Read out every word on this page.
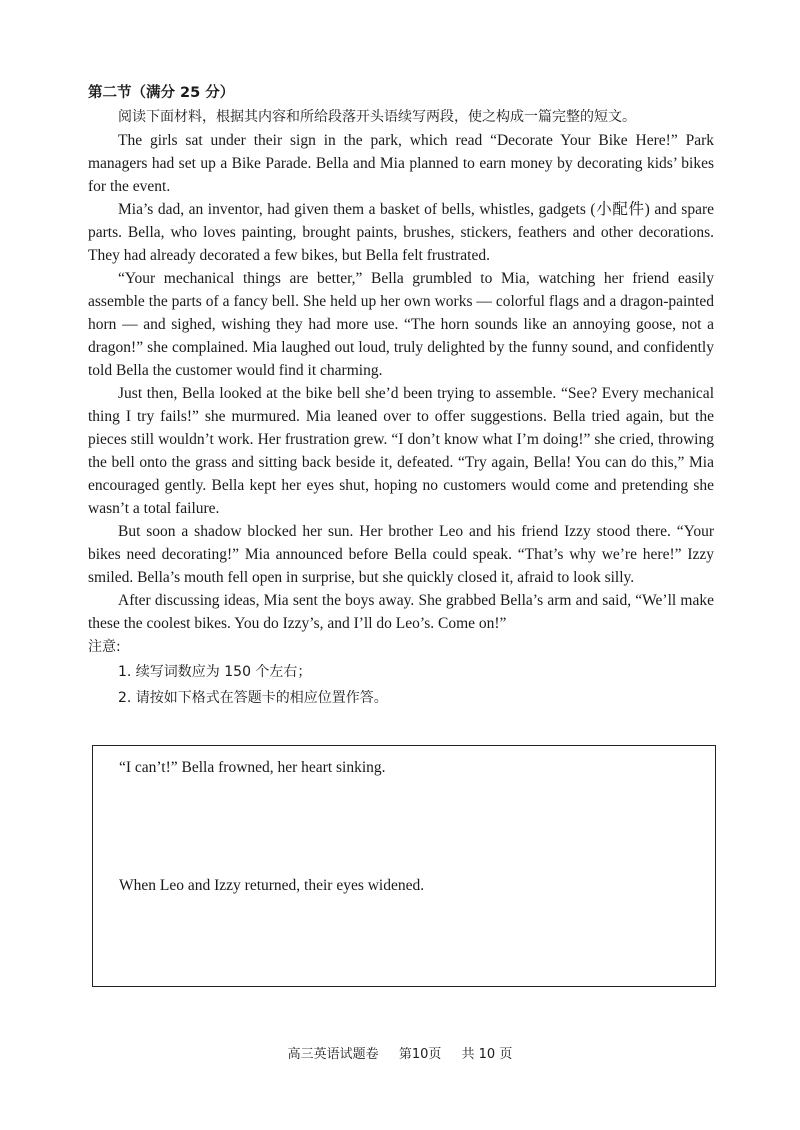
第二节（满分 25 分）

阅读下面材料，根据其内容和所给段落开头语续写两段，使之构成一篇完整的短文。

The girls sat under their sign in the park, which read “Decorate Your Bike Here!” Park managers had set up a Bike Parade. Bella and Mia planned to earn money by decorating kids’ bikes for the event.

Mia’s dad, an inventor, had given them a basket of bells, whistles, gadgets (小配件) and spare parts. Bella, who loves painting, brought paints, brushes, stickers, feathers and other decorations. They had already decorated a few bikes, but Bella felt frustrated.

“Your mechanical things are better,” Bella grumbled to Mia, watching her friend easily assemble the parts of a fancy bell. She held up her own works — colorful flags and a dragon-painted horn — and sighed, wishing they had more use. “The horn sounds like an annoying goose, not a dragon!” she complained. Mia laughed out loud, truly delighted by the funny sound, and confidently told Bella the customer would find it charming.

Just then, Bella looked at the bike bell she’d been trying to assemble. “See? Every mechanical thing I try fails!” she murmured. Mia leaned over to offer suggestions. Bella tried again, but the pieces still wouldn’t work. Her frustration grew. “I don’t know what I’m doing!” she cried, throwing the bell onto the grass and sitting back beside it, defeated. “Try again, Bella! You can do this,” Mia encouraged gently. Bella kept her eyes shut, hoping no customers would come and pretending she wasn’t a total failure.

But soon a shadow blocked her sun. Her brother Leo and his friend Izzy stood there. “Your bikes need decorating!” Mia announced before Bella could speak. “That’s why we’re here!” Izzy smiled. Bella’s mouth fell open in surprise, but she quickly closed it, afraid to look silly.

After discussing ideas, Mia sent the boys away. She grabbed Bella’s arm and said, “We’ll make these the coolest bikes. You do Izzy’s, and I’ll do Leo’s. Come on!”

注意:

1. 续写词数应为 150 个左右；

2. 请按如下格式在答题卡的相应位置作答。

“I can’t!” Bella frowned, her heart sinking.

When Leo and Izzy returned, their eyes widened.

高三英语试题卷 第10页 共 10 页
